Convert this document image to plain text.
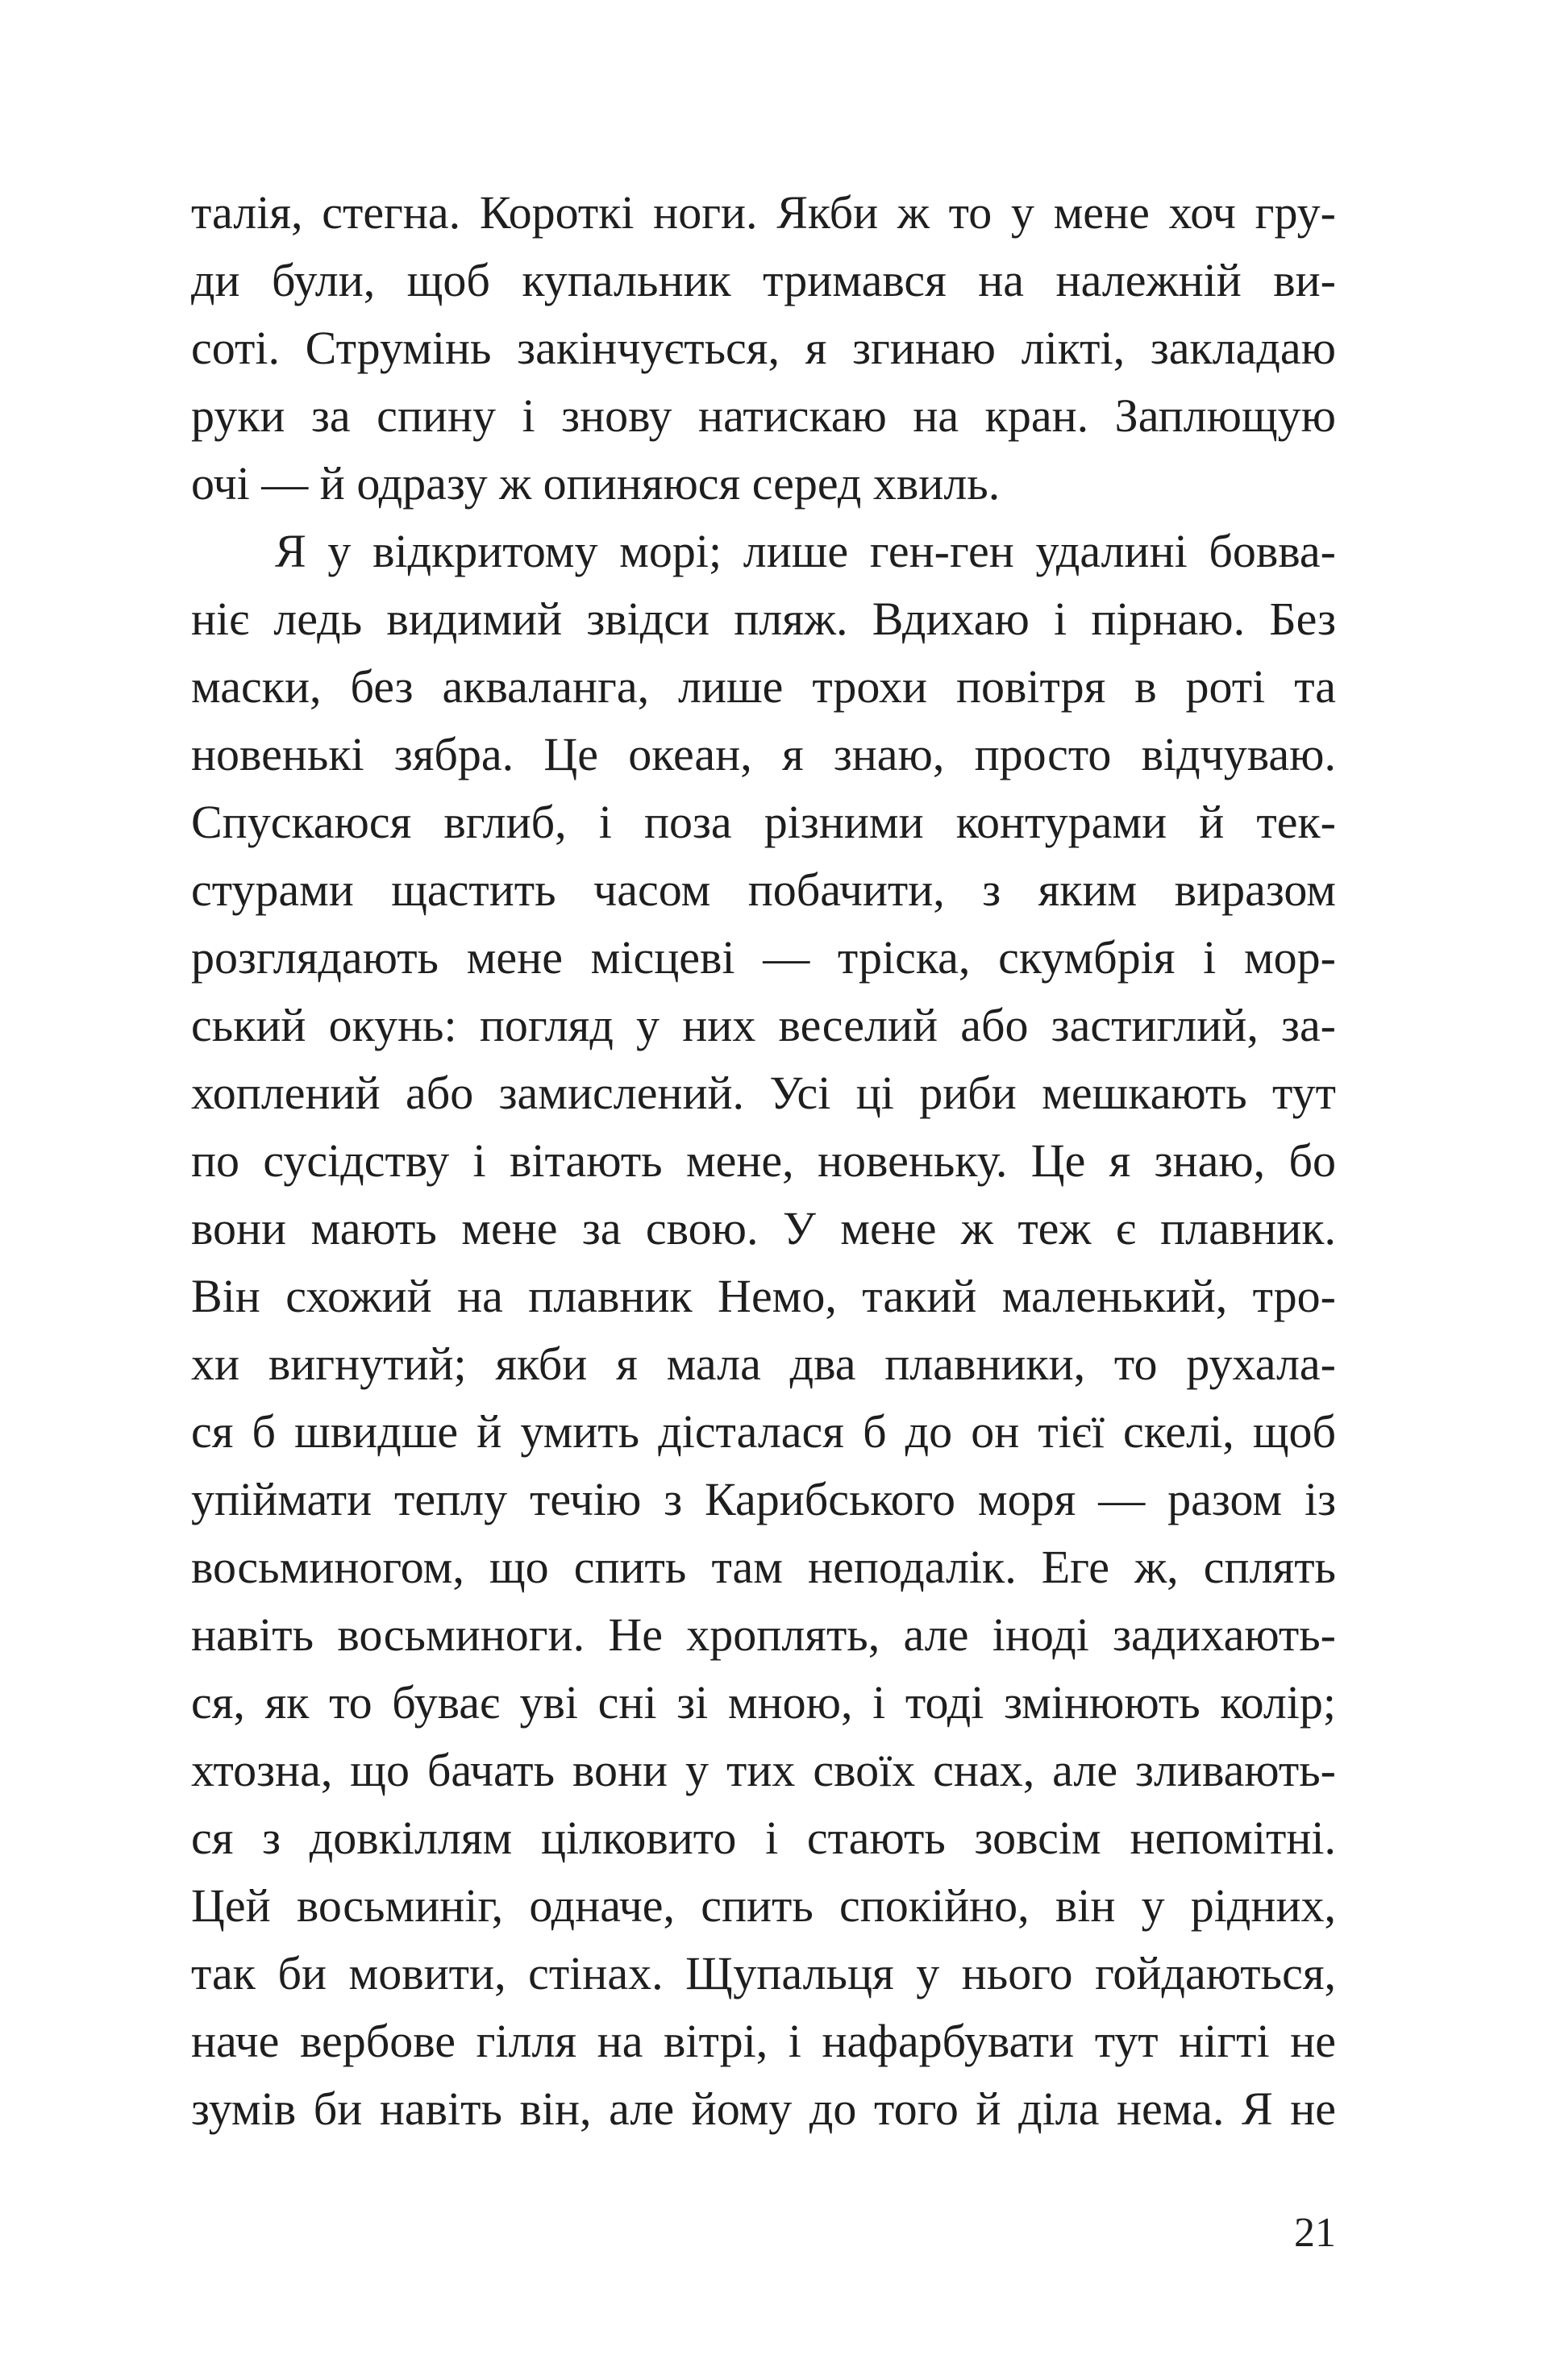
талія, стегна. Короткі ноги. Якби ж то у мене хоч гру-
ди були, щоб купальник тримався на належній ви-
соті. Струмінь закінчується, я згинаю лікті, закладаю
руки за спину і знову натискаю на кран. Заплющую
очі — й одразу ж опиняюся серед хвиль.
Я у відкритому морі; лише ген-ген удалині бовва-
ніє ледь видимий звідси пляж. Вдихаю і пірнаю. Без
маски, без акваланга, лише трохи повітря в роті та
новенькі зябра. Це океан, я знаю, просто відчуваю.
Спускаюся вглиб, і поза різними контурами й тек-
стурами щастить часом побачити, з яким виразом
розглядають мене місцеві — тріска, скумбрія і мор-
ський окунь: погляд у них веселий або застиглий, за-
хоплений або замислений. Усі ці риби мешкають тут
по сусідству і вітають мене, новеньку. Це я знаю, бо
вони мають мене за свою. У мене ж теж є плавник.
Він схожий на плавник Немо, такий маленький, тро-
хи вигнутий; якби я мала два плавники, то рухала-
ся б швидше й умить дісталася б до он тієї скелі, щоб
упіймати теплу течію з Карибського моря — разом із
восьминогом, що спить там неподалік. Еге ж, сплять
навіть восьминоги. Не хроплять, але іноді задихають-
ся, як то буває уві сні зі мною, і тоді змінюють колір;
хтозна, що бачать вони у тих своїх снах, але зливають-
ся з довкіллям цілковито і стають зовсім непомітні.
Цей восьминіг, одначе, спить спокійно, він у рідних,
так би мовити, стінах. Щупальця у нього гойдаються,
наче вербове гілля на вітрі, і нафарбувати тут нігті не
зумів би навіть він, але йому до того й діла нема. Я не
21
